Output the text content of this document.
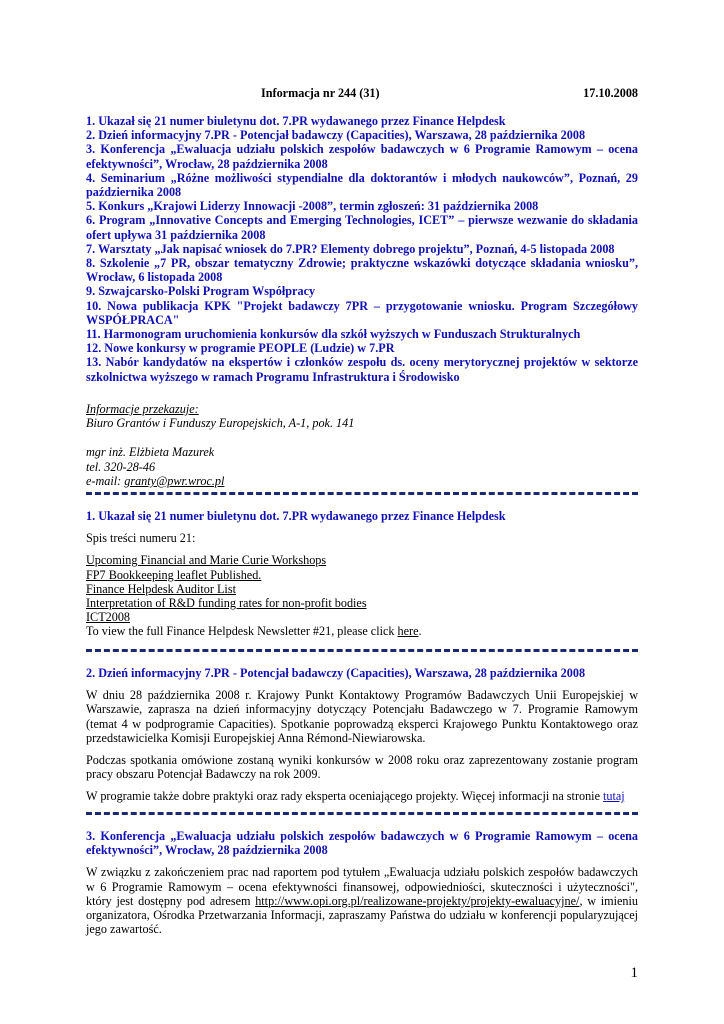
Informacja nr 244 (31)	17.10.2008
1. Ukazał się 21 numer biuletynu dot. 7.PR wydawanego przez Finance Helpdesk
2. Dzień informacyjny 7.PR - Potencjał badawczy (Capacities), Warszawa, 28 października 2008
3. Konferencja „Ewaluacja udziału polskich zespołów badawczych w 6 Programie Ramowym – ocena efektywności”, Wrocław, 28 października 2008
4. Seminarium „Różne możliwości stypendialne dla doktorantów i młodych naukowców”, Poznań, 29 października 2008
5. Konkurs „Krajowi Liderzy Innowacji -2008”, termin zgłoszeń: 31 października 2008
6. Program „Innovative Concepts and Emerging Technologies, ICET” – pierwsze wezwanie do składania ofert upływa 31 października 2008
7. Warsztaty „Jak napisać wniosek do 7.PR? Elementy dobrego projektu”, Poznań, 4-5 listopada 2008
8. Szkolenie „7 PR, obszar tematyczny Zdrowie; praktyczne wskazówki dotyczące składania wniosku”, Wrocław, 6 listopada 2008
9. Szwajcarsko-Polski Program Współpracy
10. Nowa publikacja KPK "Projekt badawczy 7PR – przygotowanie wniosku. Program Szczegółowy WSPÓŁPRACA"
11. Harmonogram uruchomienia konkursów dla szkół wyższych w Funduszach Strukturalnych
12. Nowe konkursy w programie PEOPLE (Ludzie) w 7.PR
13. Nabór kandydatów na ekspertów i członków zespołu ds. oceny merytorycznej projektów w sektorze szkolnictwa wyższego w ramach Programu Infrastruktura i Środowisko
Informacje przekazuje:
Biuro Grantów i Funduszy Europejskich, A-1, pok. 141
mgr inż. Elżbieta Mazurek
tel. 320-28-46
e-mail: granty@pwr.wroc.pl
1. Ukazał się 21 numer biuletynu dot. 7.PR wydawanego przez Finance Helpdesk
Spis treści numeru 21:
Upcoming Financial and Marie Curie Workshops
FP7 Bookkeeping leaflet Published.
Finance Helpdesk Auditor List
Interpretation of R&D funding rates for non-profit bodies
ICT2008
To view the full Finance Helpdesk Newsletter #21, please click here.
2. Dzień informacyjny 7.PR - Potencjał badawczy (Capacities), Warszawa, 28 października 2008
W dniu 28 października 2008 r. Krajowy Punkt Kontaktowy Programów Badawczych Unii Europejskiej w Warszawie, zaprasza na dzień informacyjny dotyczący Potencjału Badawczego w 7. Programie Ramowym (temat 4 w podprogramie Capacities). Spotkanie poprowadzą eksperci Krajowego Punktu Kontaktowego oraz przedstawicielka Komisji Europejskiej Anna Rémond-Niewiarowska.
Podczas spotkania omówione zostaną wyniki konkursów w 2008 roku oraz zaprezentowany zostanie program pracy obszaru Potencjał Badawczy na rok 2009.
W programie także dobre praktyki oraz rady eksperta oceniającego projekty. Więcej informacji na stronie tutaj
3. Konferencja „Ewaluacja udziału polskich zespołów badawczych w 6 Programie Ramowym – ocena efektywności”, Wrocław, 28 października 2008
W związku z zakończeniem prac nad raportem pod tytułem „Ewaluacja udziału polskich zespołów badawczych w 6 Programie Ramowym – ocena efektywności finansowej, odpowiedniości, skuteczności i użyteczności", który jest dostępny pod adresem http://www.opi.org.pl/realizowane-projekty/projekty-ewaluacyjne/, w imieniu organizatora, Ośrodka Przetwarzania Informacji, zapraszamy Państwa do udziału w konferencji popularyzującej jego zawartość.
1
